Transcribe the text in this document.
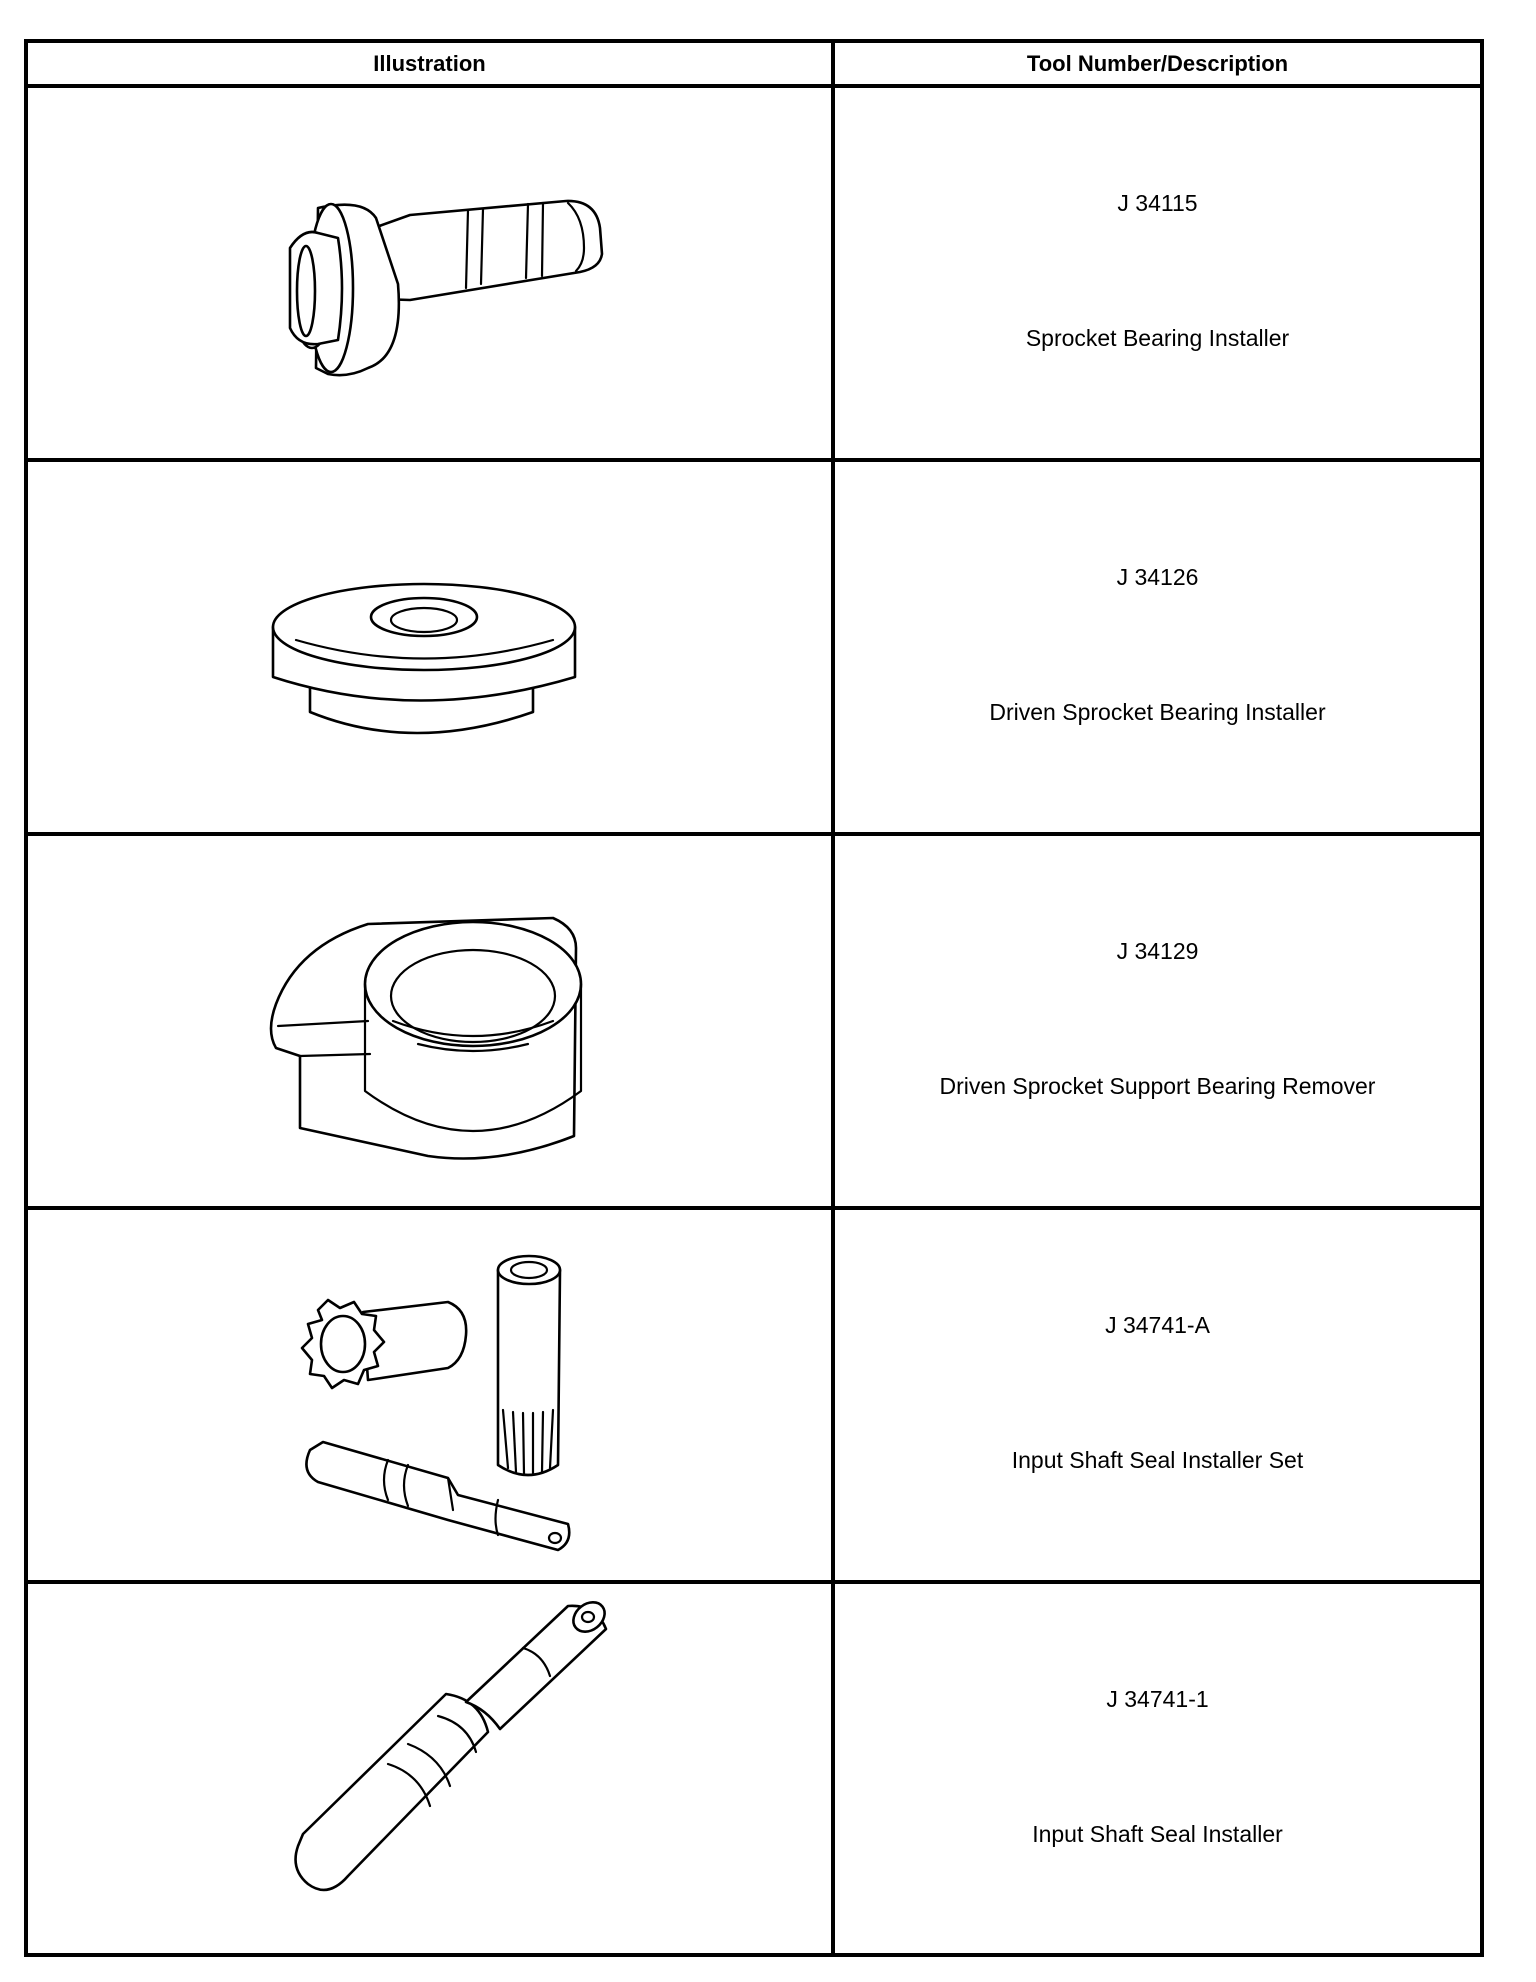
Illustration	Tool Number/Description
J 34115
Sprocket Bearing Installer
J 34126
Driven Sprocket Bearing Installer
J 34129
Driven Sprocket Support Bearing Remover
J 34741-A
Input Shaft Seal Installer Set
J 34741-1
Input Shaft Seal Installer
